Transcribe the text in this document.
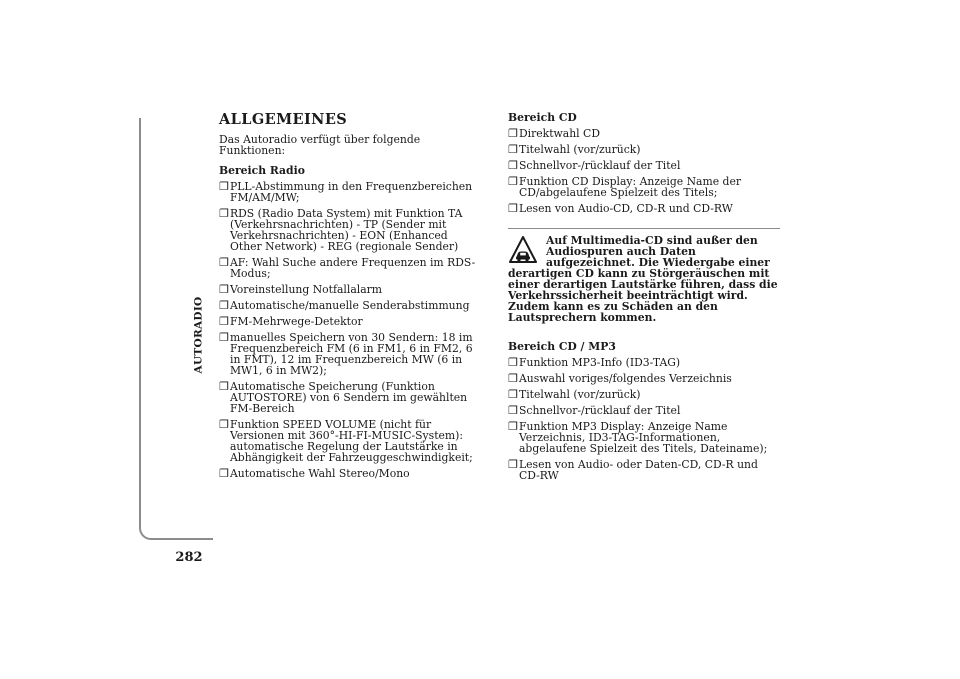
AUTORADIO
282
ALLGEMEINES

Das Autoradio verfügt über folgende Funktionen:

Bereich Radio

❐ PLL-Abstimmung in den Frequenzbereichen FM/AM/MW;
❐ RDS (Radio Data System) mit Funktion TA (Verkehrsnachrichten) - TP (Sender mit Verkehrsnachrichten) - EON (Enhanced Other Network) - REG (regionale Sender)
❐ AF: Wahl Suche andere Frequenzen im RDS-Modus;
❐ Voreinstellung Notfallalarm
❐ Automatische/manuelle Senderabstimmung
❐ FM-Mehrwege-Detektor
❐ manuelles Speichern von 30 Sendern: 18 im Frequenzbereich FM (6 in FM1, 6 in FM2, 6 in FMT), 12 im Frequenzbereich MW (6 in MW1, 6 in MW2);
❐ Automatische Speicherung (Funktion AUTOSTORE) von 6 Sendern im gewählten FM-Bereich
❐ Funktion SPEED VOLUME (nicht für Versionen mit 360°-HI-FI-MUSIC-System): automatische Regelung der Lautstärke in Abhängigkeit der Fahrzeuggeschwindigkeit;
❐ Automatische Wahl Stereo/Mono

Bereich CD

❐ Direktwahl CD
❐ Titelwahl (vor/zurück)
❐ Schnellvor-/rücklauf der Titel
❐ Funktion CD Display: Anzeige Name der CD/abgelaufene Spielzeit des Titels;
❐ Lesen von Audio-CD, CD-R und CD-RW

Auf Multimedia-CD sind außer den Audiospuren auch Daten aufgezeichnet. Die Wiedergabe einer derartigen CD kann zu Störgeräuschen mit einer derartigen Lautstärke führen, dass die Verkehrssicherheit beeinträchtigt wird. Zudem kann es zu Schäden an den Lautsprechern kommen.

Bereich CD / MP3

❐ Funktion MP3-Info (ID3-TAG)
❐ Auswahl voriges/folgendes Verzeichnis
❐ Titelwahl (vor/zurück)
❐ Schnellvor-/rücklauf der Titel
❐ Funktion MP3 Display: Anzeige Name Verzeichnis, ID3-TAG-Informationen, abgelaufene Spielzeit des Titels, Dateiname);
❐ Lesen von Audio- oder Daten-CD, CD-R und CD-RW
